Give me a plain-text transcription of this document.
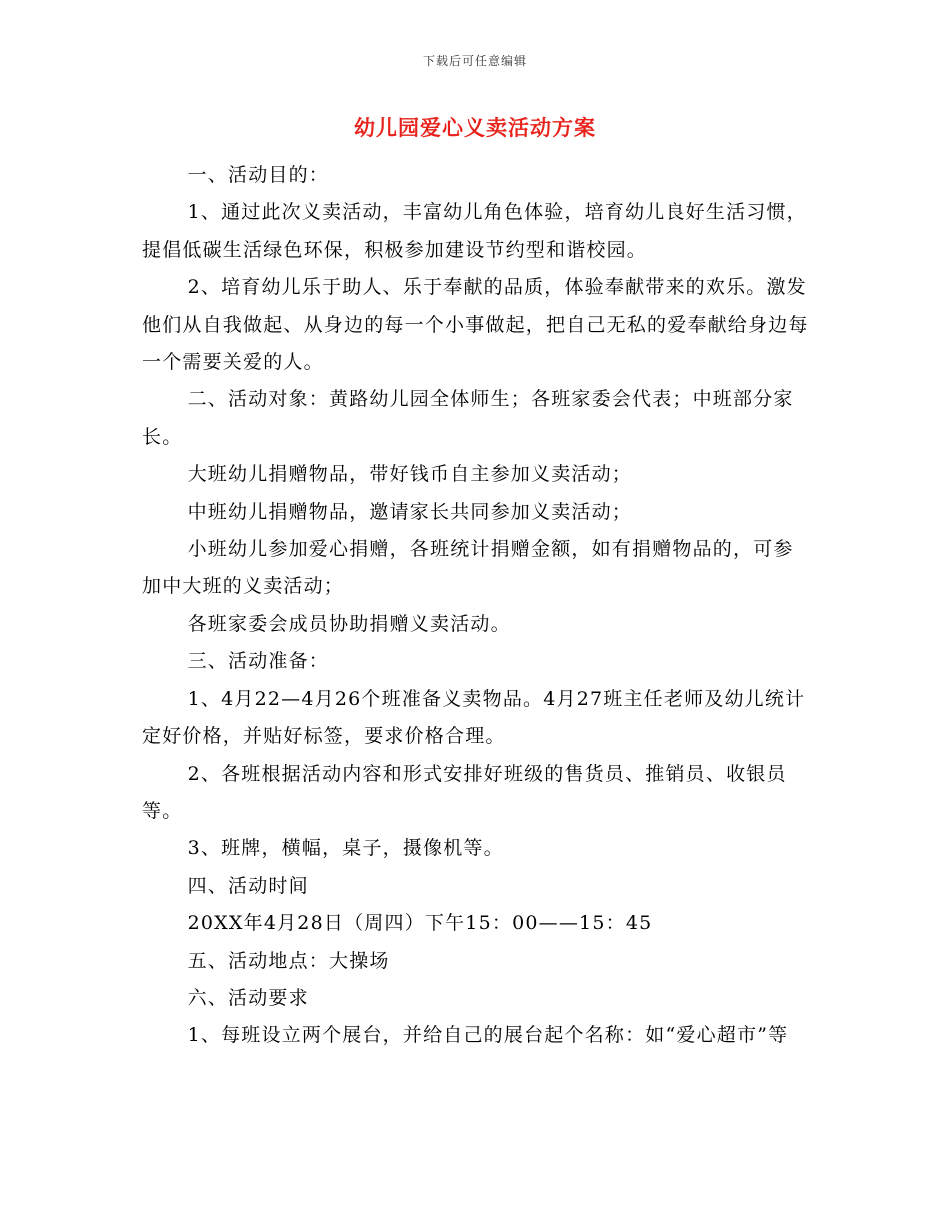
下载后可任意编辑
幼儿园爱心义卖活动方案

一、活动目的：

1、通过此次义卖活动，丰富幼儿角色体验，培育幼儿良好生活习惯，提倡低碳生活绿色环保，积极参加建设节约型和谐校园。

2、培育幼儿乐于助人、乐于奉献的品质，体验奉献带来的欢乐。激发他们从自我做起、从身边的每一个小事做起，把自己无私的爱奉献给身边每一个需要关爱的人。

二、活动对象：黄路幼儿园全体师生；各班家委会代表；中班部分家长。

大班幼儿捐赠物品，带好钱币自主参加义卖活动；

中班幼儿捐赠物品，邀请家长共同参加义卖活动；

小班幼儿参加爱心捐赠，各班统计捐赠金额，如有捐赠物品的，可参加中大班的义卖活动；

各班家委会成员协助捐赠义卖活动。

三、活动准备：

1、4月22—4月26个班准备义卖物品。4月27班主任老师及幼儿统计定好价格，并贴好标签，要求价格合理。

2、各班根据活动内容和形式安排好班级的售货员、推销员、收银员等。

3、班牌，横幅，桌子，摄像机等。

四、活动时间

20XX年4月28日（周四）下午15：00——15：45

五、活动地点：大操场

六、活动要求

1、每班设立两个展台，并给自己的展台起个名称：如“爱心超市”等
